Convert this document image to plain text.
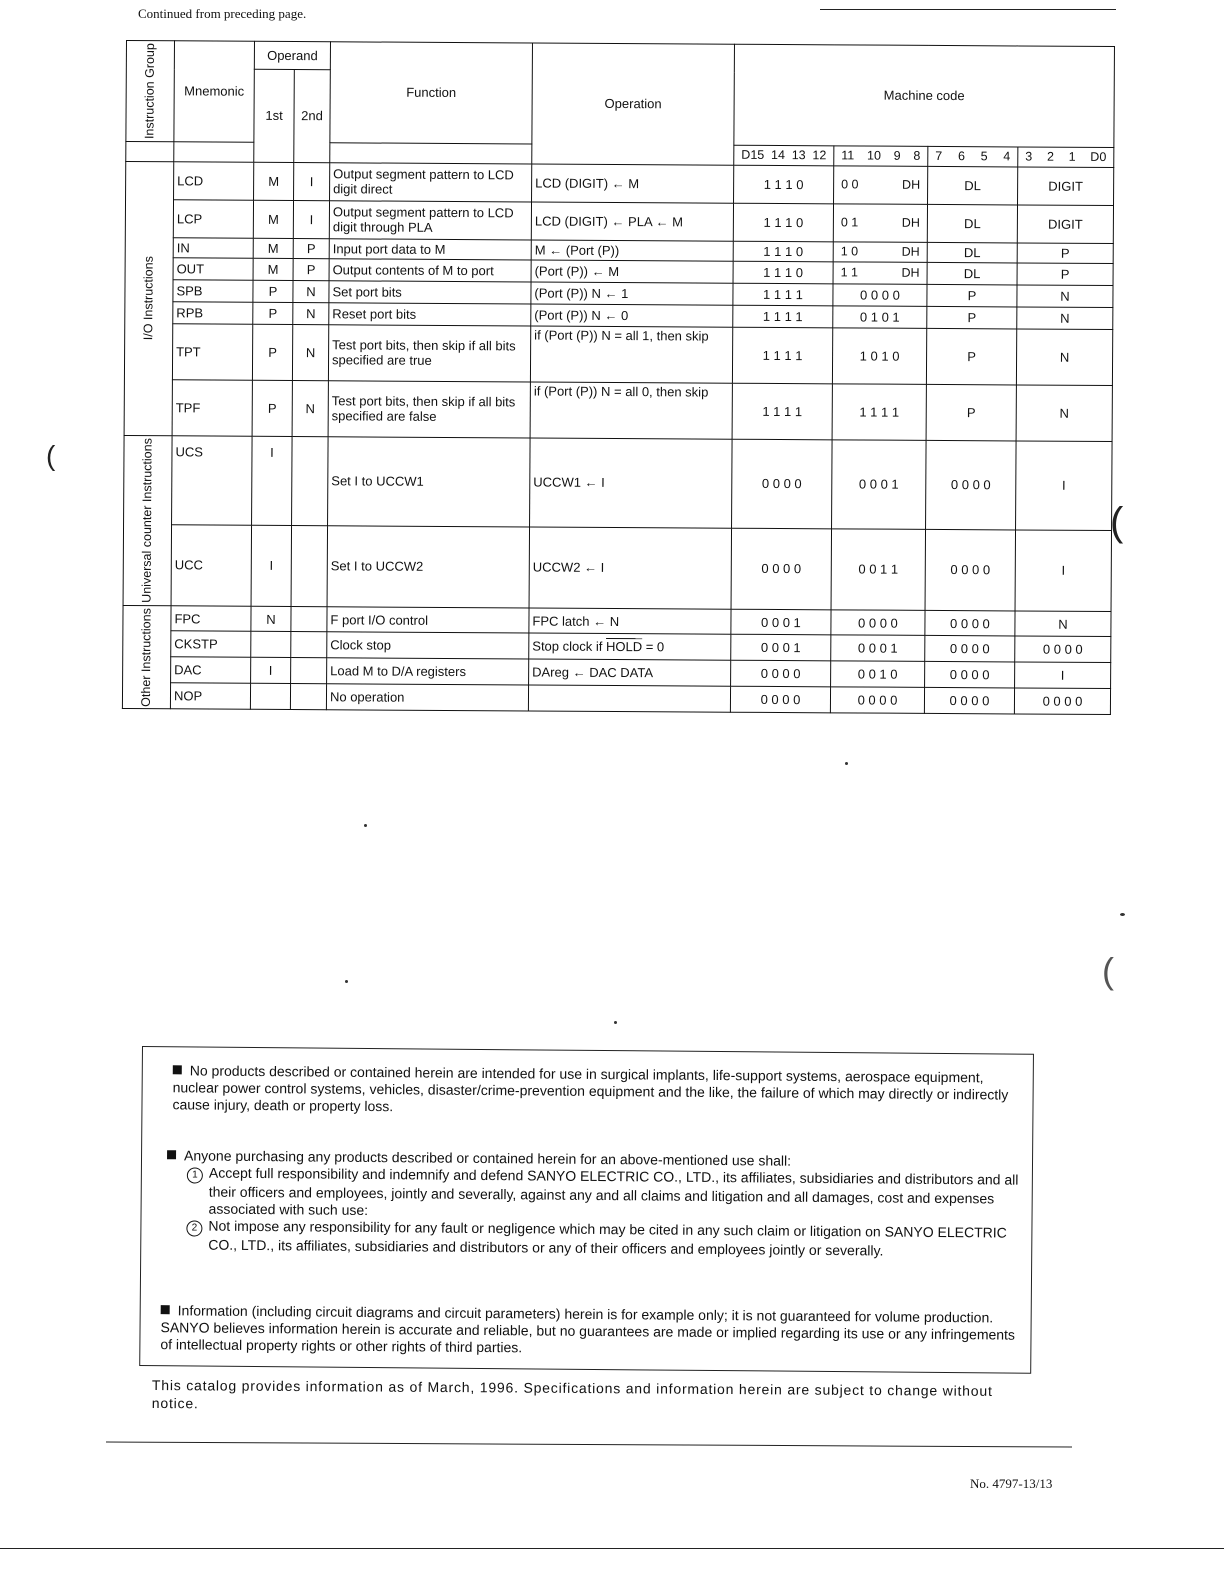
Continued from preceding page.
Instruction Group	Mnemonic	Operand		Function	Operation	Machine code			
		1st	2nd						

						D15 14 13 12	11 10 9 8	7 6 5 4	3 2 1 D0

I/O Instructions	LCD	M	I	Output segment pattern to LCD digit direct	LCD (DIGIT) ← M	1 1 1 0	0 0 DH	DL	DIGIT
	LCP	M	I	Output segment pattern to LCD digit through PLA	LCD (DIGIT) ← PLA ← M	1 1 1 0	0 1 DH	DL	DIGIT
	IN	M	P	Input port data to M	M ← (Port (P))	1 1 1 0	1 0 DH	DL	P
	OUT	M	P	Output contents of M to port	(Port (P)) ← M	1 1 1 0	1 1 DH	DL	P
	SPB	P	N	Set port bits	(Port (P)) N ← 1	1 1 1 1	0 0 0 0	P	N
	RPB	P	N	Reset port bits	(Port (P)) N ← 0	1 1 1 1	0 1 0 1	P	N
	TPT	P	N	Test port bits, then skip if all bits specified are true	if (Port (P)) N = all 1, then skip	1 1 1 1	1 0 1 0	P	N
	TPF	P	N	Test port bits, then skip if all bits specified are false	if (Port (P)) N = all 0, then skip	1 1 1 1	1 1 1 1	P	N

Universal counter Instructions	UCS	I		Set I to UCCW1	UCCW1 ← I	0 0 0 0	0 0 0 1	0 0 0 0	I
	UCC	I		Set I to UCCW2	UCCW2 ← I	0 0 0 0	0 0 1 1	0 0 0 0	I

Other Instructions	FPC	N		F port I/O control	FPC latch ← N	0 0 0 1	0 0 0 0	0 0 0 0	N
	CKSTP			Clock stop	Stop clock if HOLD = 0	0 0 0 1	0 0 0 1	0 0 0 0	0 0 0 0
	DAC	I		Load M to D/A registers	DAreg ← DAC DATA	0 0 0 0	0 0 1 0	0 0 0 0	I
	NOP			No operation		0 0 0 0	0 0 0 0	0 0 0 0	0 0 0 0
(
(
(

No products described or contained herein are intended for use in surgical implants, life-support systems, aerospace equipment, nuclear power control systems, vehicles, disaster/crime-prevention equipment and the like, the failure of which may directly or indirectly cause injury, death or property loss.

Anyone purchasing any products described or contained herein for an above-mentioned use shall:

1 Accept full responsibility and indemnify and defend SANYO ELECTRIC CO., LTD., its affiliates, subsidiaries and distributors and all their officers and employees, jointly and severally, against any and all claims and litigation and all damages, cost and expenses associated with such use:

2 Not impose any responsibility for any fault or negligence which may be cited in any such claim or litigation on SANYO ELECTRIC CO., LTD., its affiliates, subsidiaries and distributors or any of their officers and employees jointly or severally.

Information (including circuit diagrams and circuit parameters) herein is for example only; it is not guaranteed for volume production. SANYO believes information herein is accurate and reliable, but no guarantees are made or implied regarding its use or any infringements of intellectual property rights or other rights of third parties.

This catalog provides information as of March, 1996. Specifications and information herein are subject to change without notice.
No. 4797-13/13
